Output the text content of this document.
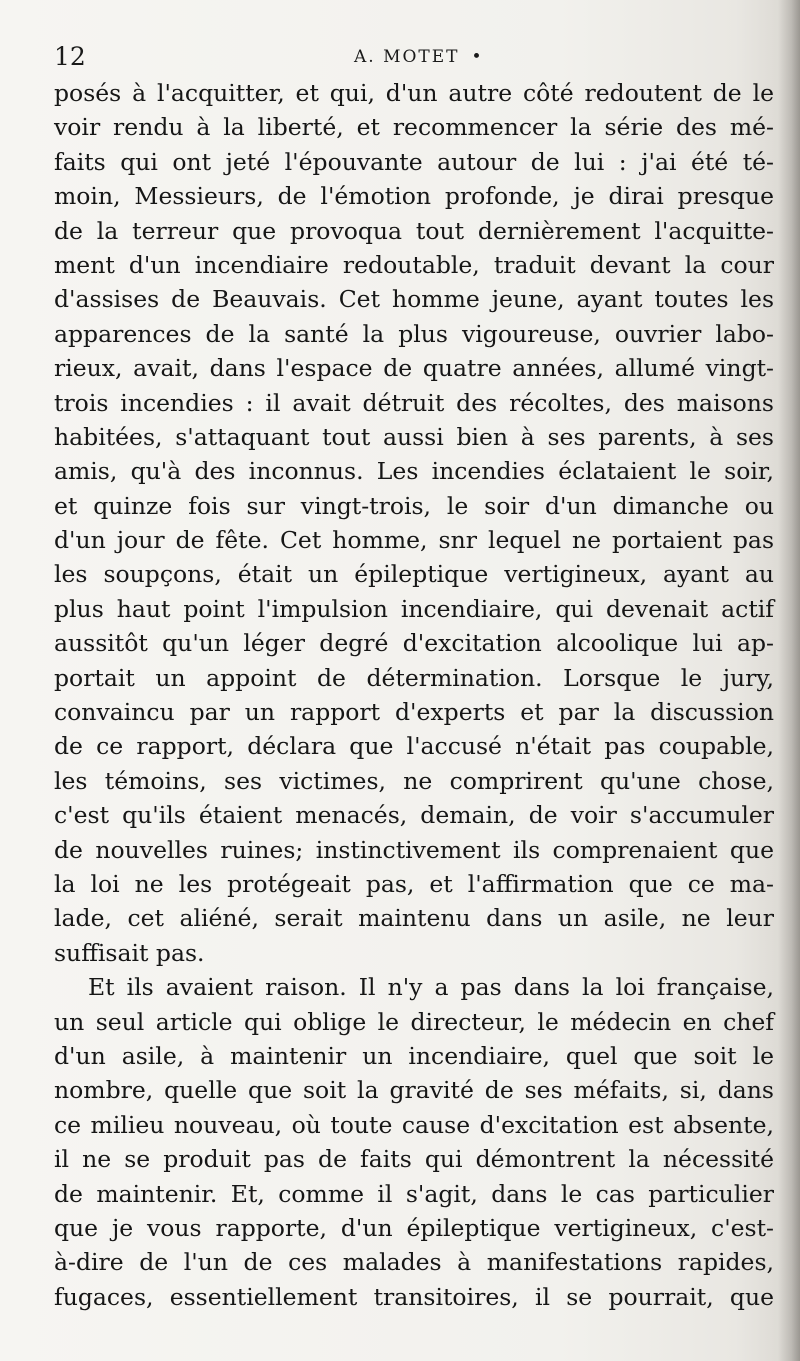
12	A. MOTET •
posés à l'acquitter, et qui, d'un autre côté redoutent de le
voir rendu à la liberté, et recommencer la série des mé-
faits qui ont jeté l'épouvante autour de lui : j'ai été té-
moin, Messieurs, de l'émotion profonde, je dirai presque
de la terreur que provoqua tout dernièrement l'acquitte-
ment d'un incendiaire redoutable, traduit devant la cour
d'assises de Beauvais. Cet homme jeune, ayant toutes les
apparences de la santé la plus vigoureuse, ouvrier labo-
rieux, avait, dans l'espace de quatre années, allumé vingt-
trois incendies : il avait détruit des récoltes, des maisons
habitées, s'attaquant tout aussi bien à ses parents, à ses
amis, qu'à des inconnus. Les incendies éclataient le soir,
et quinze fois sur vingt-trois, le soir d'un dimanche ou
d'un jour de fête. Cet homme, snr lequel ne portaient pas
les soupçons, était un épileptique vertigineux, ayant au
plus haut point l'impulsion incendiaire, qui devenait actif
aussitôt qu'un léger degré d'excitation alcoolique lui ap-
portait un appoint de détermination. Lorsque le jury,
convaincu par un rapport d'experts et par la discussion
de ce rapport, déclara que l'accusé n'était pas coupable,
les témoins, ses victimes, ne comprirent qu'une chose,
c'est qu'ils étaient menacés, demain, de voir s'accumuler
de nouvelles ruines; instinctivement ils comprenaient que
la loi ne les protégeait pas, et l'affirmation que ce ma-
lade, cet aliéné, serait maintenu dans un asile, ne leur
suffisait pas.
Et ils avaient raison. Il n'y a pas dans la loi française,
un seul article qui oblige le directeur, le médecin en chef
d'un asile, à maintenir un incendiaire, quel que soit le
nombre, quelle que soit la gravité de ses méfaits, si, dans
ce milieu nouveau, où toute cause d'excitation est absente,
il ne se produit pas de faits qui démontrent la nécessité
de maintenir. Et, comme il s'agit, dans le cas particulier
que je vous rapporte, d'un épileptique vertigineux, c'est-
à-dire de l'un de ces malades à manifestations rapides,
fugaces, essentiellement transitoires, il se pourrait, que
